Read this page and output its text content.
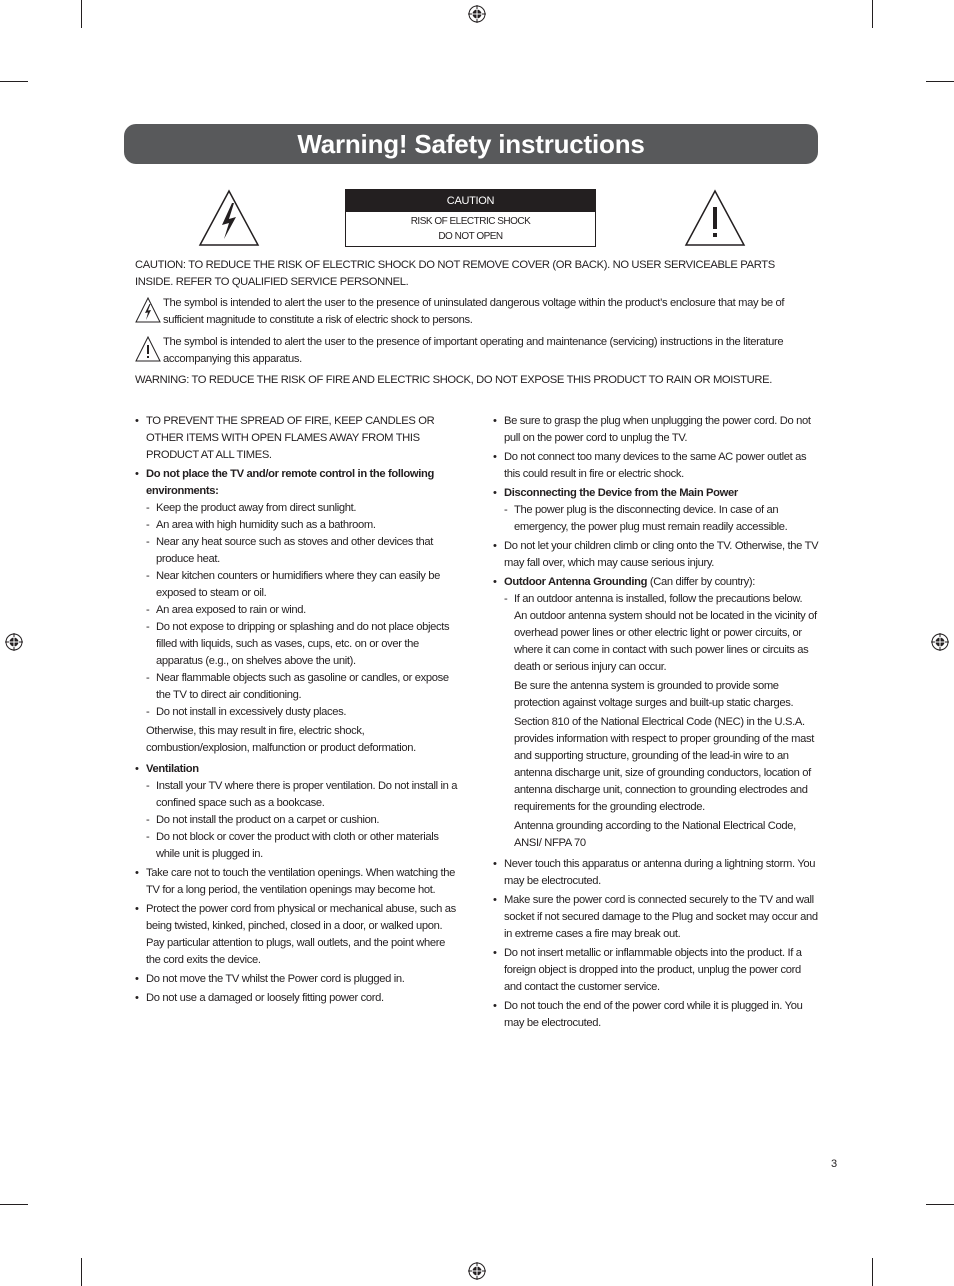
Warning! Safety instructions
CAUTION
RISK OF ELECTRIC SHOCK
DO NOT OPEN
CAUTION: TO REDUCE THE RISK OF ELECTRIC SHOCK DO NOT REMOVE COVER (OR BACK). NO USER SERVICEABLE PARTS INSIDE. REFER TO QUALIFIED SERVICE PERSONNEL.
The symbol is intended to alert the user to the presence of uninsulated dangerous voltage within the product’s enclosure that may be of sufficient magnitude to constitute a risk of electric shock to persons.
The symbol is intended to alert the user to the presence of important operating and maintenance (servicing) instructions in the literature accompanying this apparatus.
WARNING: TO REDUCE THE RISK OF FIRE AND ELECTRIC SHOCK, DO NOT EXPOSE THIS PRODUCT TO RAIN OR MOISTURE.
• TO PREVENT THE SPREAD OF FIRE, KEEP CANDLES OR OTHER ITEMS WITH OPEN FLAMES AWAY FROM THIS PRODUCT AT ALL TIMES.
• Do not place the TV and/or remote control in the following environments:
- Keep the product away from direct sunlight.
- An area with high humidity such as a bathroom.
- Near any heat source such as stoves and other devices that produce heat.
- Near kitchen counters or humidifiers where they can easily be exposed to steam or oil.
- An area exposed to rain or wind.
- Do not expose to dripping or splashing and do not place objects filled with liquids, such as vases, cups, etc. on or over the apparatus (e.g., on shelves above the unit).
- Near flammable objects such as gasoline or candles, or expose the TV to direct air conditioning.
- Do not install in excessively dusty places.
Otherwise, this may result in fire, electric shock, combustion/explosion, malfunction or product deformation.
• Ventilation
- Install your TV where there is proper ventilation. Do not install in a confined space such as a bookcase.
- Do not install the product on a carpet or cushion.
- Do not block or cover the product with cloth or other materials while unit is plugged in.
• Take care not to touch the ventilation openings. When watching the TV for a long period, the ventilation openings may become hot.
• Protect the power cord from physical or mechanical abuse, such as being twisted, kinked, pinched, closed in a door, or walked upon. Pay particular attention to plugs, wall outlets, and the point where the cord exits the device.
• Do not move the TV whilst the Power cord is plugged in.
• Do not use a damaged or loosely fitting power cord.
• Be sure to grasp the plug when unplugging the power cord. Do not pull on the power cord to unplug the TV.
• Do not connect too many devices to the same AC power outlet as this could result in fire or electric shock.
• Disconnecting the Device from the Main Power
- The power plug is the disconnecting device. In case of an emergency, the power plug must remain readily accessible.
• Do not let your children climb or cling onto the TV. Otherwise, the TV may fall over, which may cause serious injury.
• Outdoor Antenna Grounding (Can differ by country):
- If an outdoor antenna is installed, follow the precautions below.
An outdoor antenna system should not be located in the vicinity of overhead power lines or other electric light or power circuits, or where it can come in contact with such power lines or circuits as death or serious injury can occur.
Be sure the antenna system is grounded to provide some protection against voltage surges and built-up static charges.
Section 810 of the National Electrical Code (NEC) in the U.S.A. provides information with respect to proper grounding of the mast and supporting structure, grounding of the lead-in wire to an antenna discharge unit, size of grounding conductors, location of antenna discharge unit, connection to grounding electrodes and requirements for the grounding electrode.
Antenna grounding according to the National Electrical Code, ANSI/ NFPA 70
• Never touch this apparatus or antenna during a lightning storm. You may be electrocuted.
• Make sure the power cord is connected securely to the TV and wall socket if not secured damage to the Plug and socket may occur and in extreme cases a fire may break out.
• Do not insert metallic or inflammable objects into the product. If a foreign object is dropped into the product, unplug the power cord and contact the customer service.
• Do not touch the end of the power cord while it is plugged in. You may be electrocuted.
3
